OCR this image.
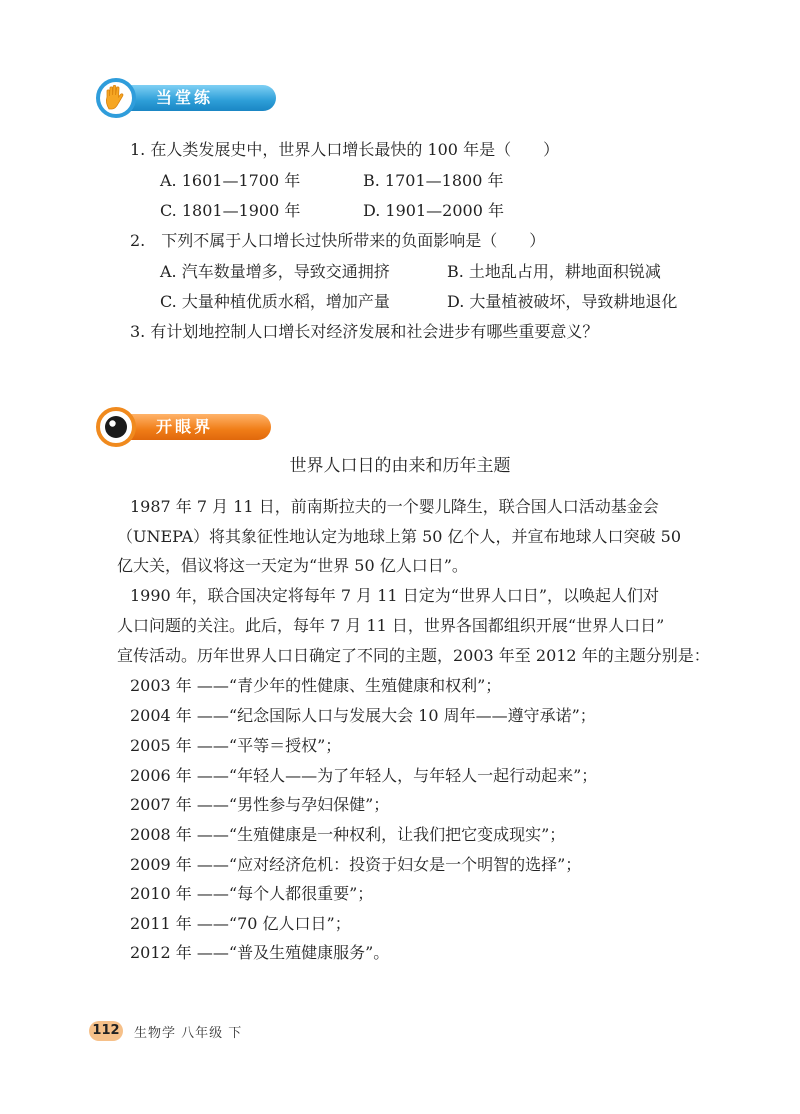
当堂练
1. 在人类发展史中，世界人口增长最快的 100 年是（　　）
A. 1601—1700 年	B. 1701—1800 年
C. 1801—1900 年	D. 1901—2000 年
2.　下列不属于人口增长过快所带来的负面影响是（　　）
A. 汽车数量增多，导致交通拥挤	B. 土地乱占用，耕地面积锐减
C. 大量种植优质水稻，增加产量	D. 大量植被破坏，导致耕地退化
3. 有计划地控制人口增长对经济发展和社会进步有哪些重要意义？
开眼界
世界人口日的由来和历年主题
1987 年 7 月 11 日，前南斯拉夫的一个婴儿降生，联合国人口活动基金会
（UNEPA）将其象征性地认定为地球上第 50 亿个人，并宣布地球人口突破 50
亿大关，倡议将这一天定为“世界 50 亿人口日”。
1990 年，联合国决定将每年 7 月 11 日定为“世界人口日”，以唤起人们对
人口问题的关注。此后，每年 7 月 11 日，世界各国都组织开展“世界人口日”
宣传活动。历年世界人口日确定了不同的主题，2003 年至 2012 年的主题分别是：
2003 年 ——“青少年的性健康、生殖健康和权利”；
2004 年 ——“纪念国际人口与发展大会 10 周年——遵守承诺”；
2005 年 ——“平等＝授权”；
2006 年 ——“年轻人——为了年轻人，与年轻人一起行动起来”；
2007 年 ——“男性参与孕妇保健”；
2008 年 ——“生殖健康是一种权利，让我们把它变成现实”；
2009 年 ——“应对经济危机：投资于妇女是一个明智的选择”；
2010 年 ——“每个人都很重要”；
2011 年 ——“70 亿人口日”；
2012 年 ——“普及生殖健康服务”。
112 生物学 八年级 下
